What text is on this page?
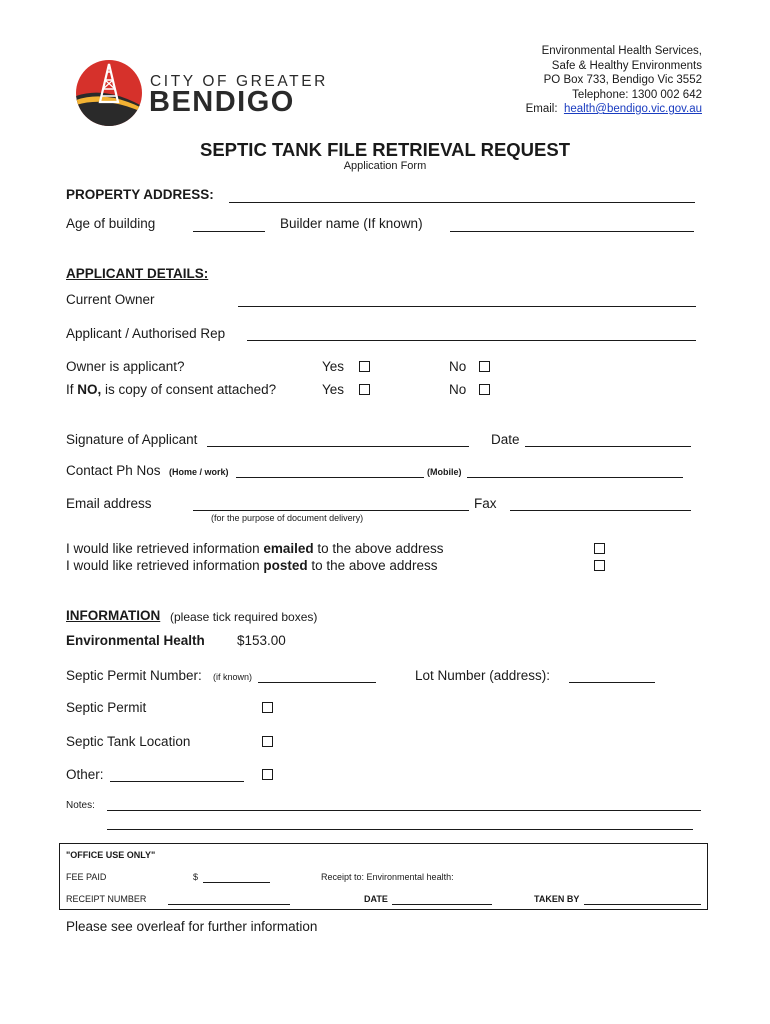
CITY OF GREATER
BENDIGO
Environmental Health Services,
Safe & Healthy Environments
PO Box 733, Bendigo Vic 3552
Telephone: 1300 002 642
Email: health@bendigo.vic.gov.au
SEPTIC TANK FILE RETRIEVAL REQUEST
Application Form
PROPERTY ADDRESS:
Age of building	Builder name (If known)
APPLICANT DETAILS:
Current Owner
Applicant / Authorised Rep
Owner is applicant?	Yes	No
If NO, is copy of consent attached?	Yes	No
Signature of Applicant	Date
Contact Ph Nos (Home / work)	(Mobile)
Email address	Fax
(for the purpose of document delivery)
I would like retrieved information emailed to the above address
I would like retrieved information posted to the above address
INFORMATION (please tick required boxes)
Environmental Health $153.00
Septic Permit Number: (if known)	Lot Number (address):
Septic Permit
Septic Tank Location
Other:
Notes:
"OFFICE USE ONLY"
FEE PAID	$	Receipt to: Environmental health:
RECEIPT NUMBER	DATE	TAKEN BY
Please see overleaf for further information
